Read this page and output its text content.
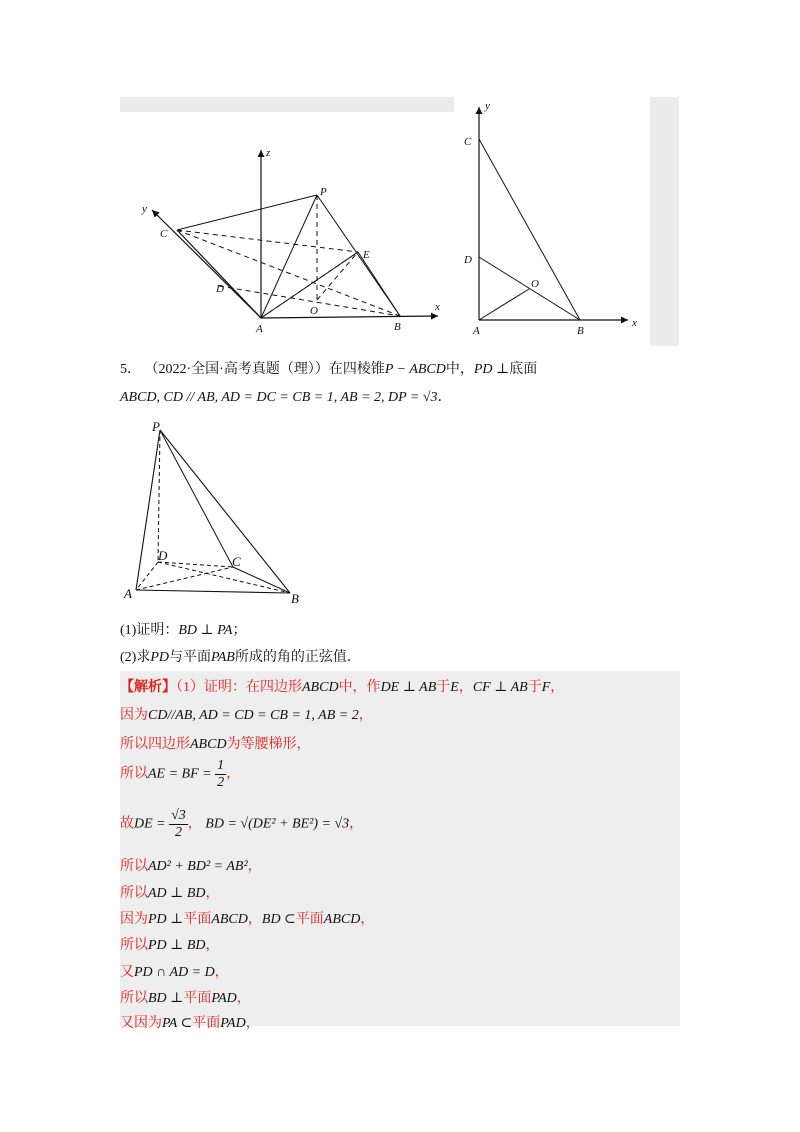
z
y
x
P
C
E
D
O
A	B
y
x
C
D
O
A	B
5． （2022·全国·高考真题（理））在四棱锥P − ABCD中，PD ⊥底面
ABCD, CD // AB, AD = DC = CB = 1, AB = 2, DP = √3．
P
D	C
A	B
(1)证明：BD ⊥ PA；
(2)求PD与平面PAB所成的角的正弦值．
【解析】（1）证明：在四边形ABCD中，作DE ⊥ AB于E，CF ⊥ AB于F，
因为CD//AB, AD = CD = CB = 1, AB = 2，
所以四边形ABCD为等腰梯形，
所以AE = BF = $\frac{1}{2}$ ，
故DE = $\frac{√3}{2}$ ， BD = √(DE² + BE²) = √3，
所以AD² + BD² = AB²，
所以AD ⊥ BD，
因为PD ⊥平面ABCD，BD ⊂平面ABCD，
所以PD ⊥ BD，
又PD ∩ AD = D，
所以BD ⊥平面PAD，
又因为PA ⊂平面PAD，
